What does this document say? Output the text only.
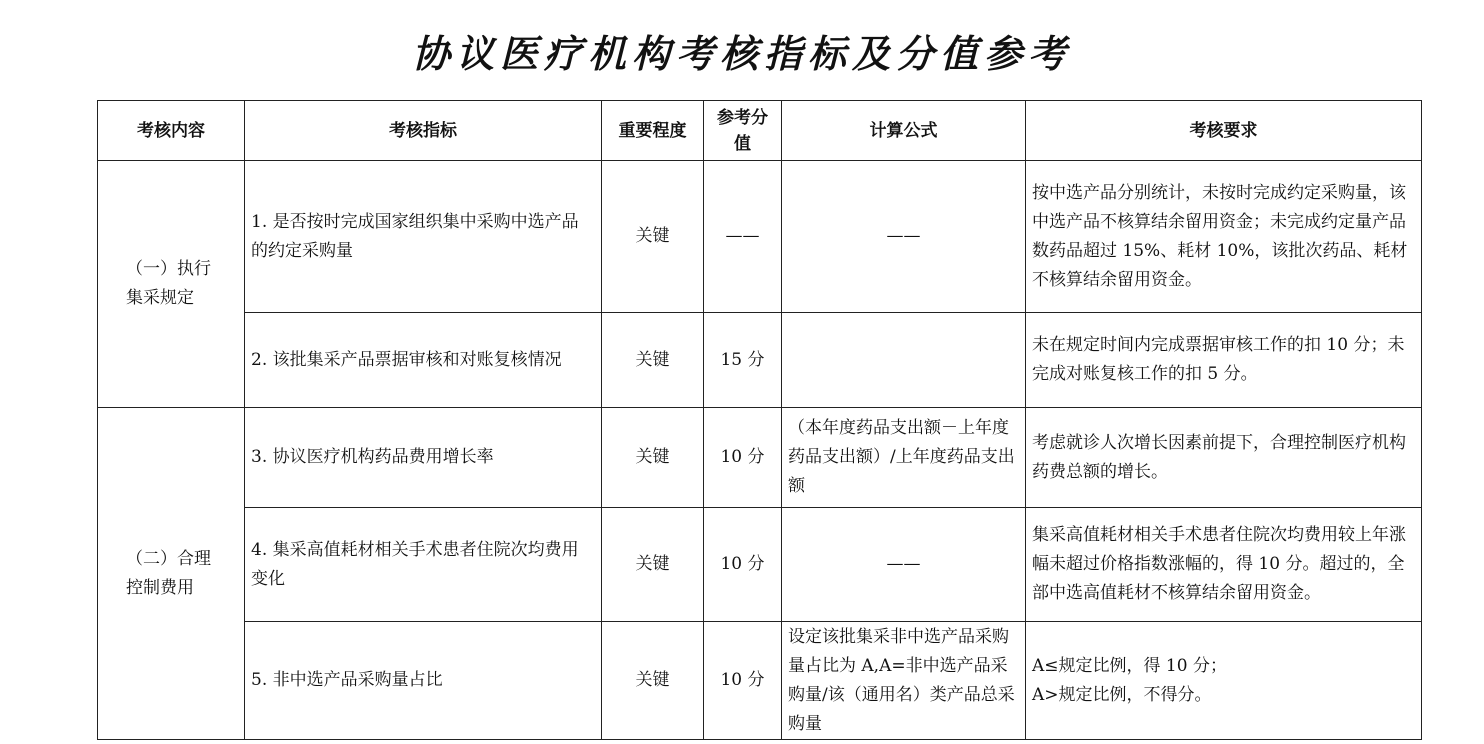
协议医疗机构考核指标及分值参考
考核内容	考核指标	重要程度	参考分值	计算公式	考核要求
（一）执行集采规定	1. 是否按时完成国家组织集中采购中选产品的约定采购量	关键	——	——	按中选产品分别统计，未按时完成约定采购量，该中选产品不核算结余留用资金；未完成约定量产品数药品超过 15%、耗材 10%，该批次药品、耗材不核算结余留用资金。
	2. 该批集采产品票据审核和对账复核情况	关键	15 分		未在规定时间内完成票据审核工作的扣 10 分；未完成对账复核工作的扣 5 分。
（二）合理控制费用	3. 协议医疗机构药品费用增长率	关键	10 分	（本年度药品支出额－上年度药品支出额）/上年度药品支出额	考虑就诊人次增长因素前提下，合理控制医疗机构药费总额的增长。
	4. 集采高值耗材相关手术患者住院次均费用变化	关键	10 分	——	集采高值耗材相关手术患者住院次均费用较上年涨幅未超过价格指数涨幅的，得 10 分。超过的，全部中选高值耗材不核算结余留用资金。
	5. 非中选产品采购量占比	关键	10 分	设定该批集采非中选产品采购量占比为 A,A=非中选产品采购量/该（通用名）类产品总采购量	A≤规定比例，得 10 分；
A>规定比例，不得分。
